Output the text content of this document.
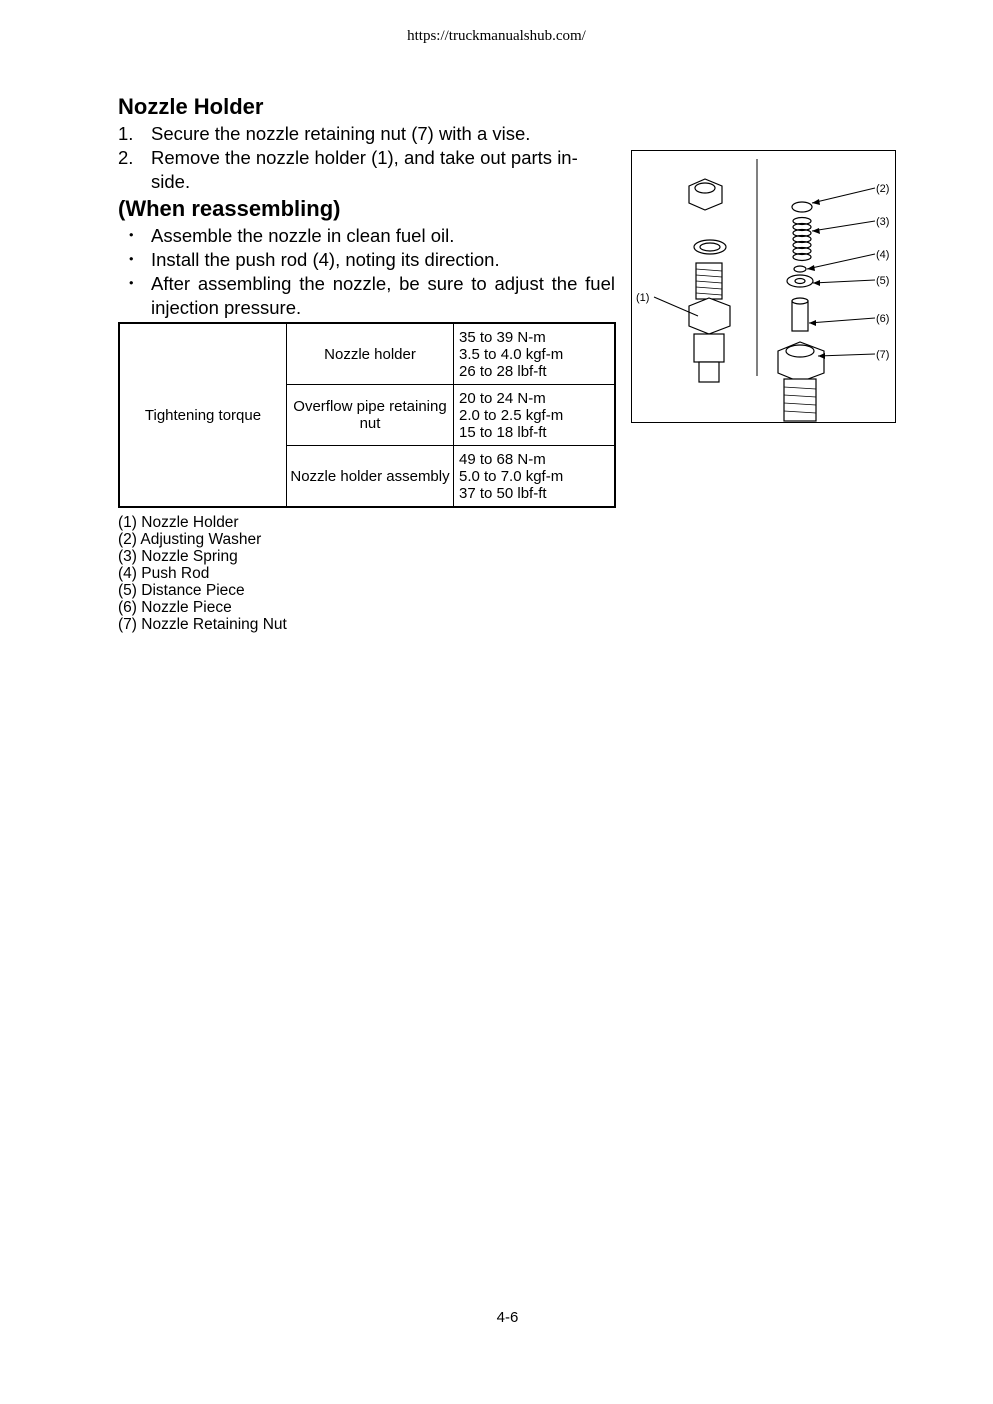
https://truckmanualshub.com/
Nozzle Holder
1. Secure the nozzle retaining nut (7) with a vise.
2. Remove the nozzle holder (1), and take out parts in-side.
(When reassembling)
・ Assemble the nozzle in clean fuel oil.
・ Install the push rod (4), noting its direction.
・ After assembling the nozzle, be sure to adjust the fuel injection pressure.
Tightening torque	Nozzle holder	35 to 39 N-m
3.5 to 4.0 kgf-m
26 to 28 lbf-ft

	Overflow pipe retaining nut	20 to 24 N-m
2.0 to 2.5 kgf-m
15 to 18 lbf-ft

	Nozzle holder assembly	49 to 68 N-m
5.0 to 7.0 kgf-m
37 to 50 lbf-ft
(1) Nozzle Holder
(2) Adjusting Washer
(3) Nozzle Spring
(4) Push Rod
(5) Distance Piece
(6) Nozzle Piece
(7) Nozzle Retaining Nut
(1)
(2)
(3)
(4)
(5)
(6)
(7)
4-6
